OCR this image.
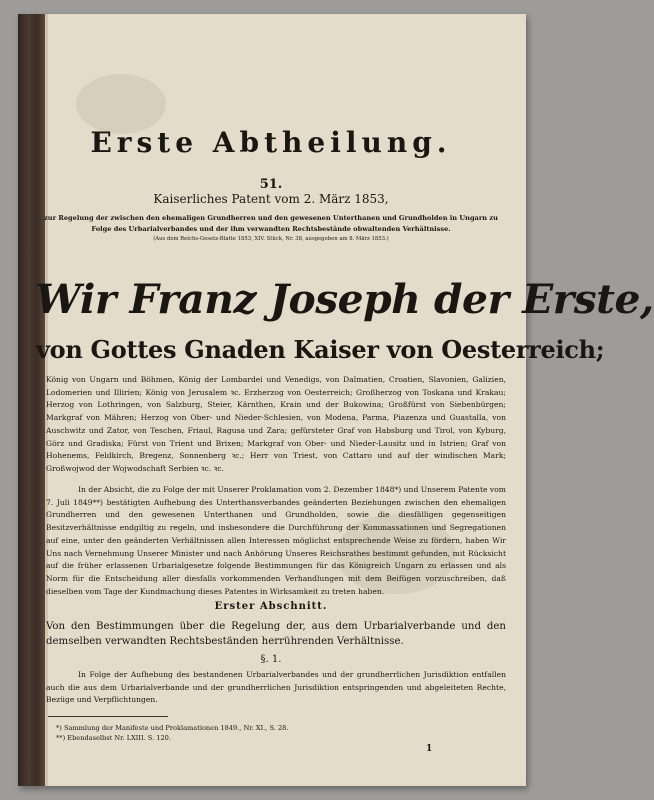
Erste Abtheilung.
51.
Kaiserliches Patent vom 2. März 1853,
zur Regelung der zwischen den ehemaligen Grundherren und den gewesenen Unterthanen und Grundholden in Ungarn zu Folge des Urbarialverbandes und der ihm verwandten Rechtsbestände obwaltenden Verhältnisse.
(Aus dem Reichs-Gesetz-Blatte 1853, XIV. Stück, Nr. 38, ausgegeben am 8. März 1853.)
Wir Franz Joseph der Erste,
von Gottes Gnaden Kaiser von Oesterreich;
König von Ungarn und Böhmen, König der Lombardei und Venedigs, von Dalmatien, Croatien, Slavonien, Galizien, Lodomerien und Illirien; König von Jerusalem ꝛc. Erzherzog von Oesterreich; Großherzog von Toskana und Krakau; Herzog von Lothringen, von Salzburg, Steier, Kärnthen, Krain und der Bukowina; Großfürst von Siebenbürgen; Markgraf von Mähren; Herzog von Ober- und Nieder-Schlesien, von Modena, Parma, Piazenza und Guastalla, von Auschwitz und Zator, von Teschen, Friaul, Ragusa und Zara; gefürsteter Graf von Habsburg und Tirol, von Kyburg, Görz und Gradiska; Fürst von Trient und Brixen; Markgraf von Ober- und Nieder-Lausitz und in Istrien; Graf von Hohenems, Feldkirch, Bregenz, Sonnenberg ꝛc.; Herr von Triest, von Cattaro und auf der windischen Mark; Großwojwod der Wojwodschaft Serbien ꝛc. ꝛc.
In der Absicht, die zu Folge der mit Unserer Proklamation vom 2. Dezember 1848*) und Unserem Patente vom 7. Juli 1849**) bestätigten Aufhebung des Unterthansverbandes geänderten Beziehungen zwischen den ehemaligen Grundherren und den gewesenen Unterthanen und Grundholden, sowie die diesfälligen gegenseitigen Besitzverhältnisse endgiltig zu regeln, und insbesondere die Durchführung der Kommassationen und Segregationen auf eine, unter den geänderten Verhältnissen allen Interessen möglichst entsprechende Weise zu fördern, haben Wir Uns nach Vernehmung Unserer Minister und nach Anhörung Unseres Reichsrathes bestimmt gefunden, mit Rücksicht auf die früher erlassenen Urbarialgesetze folgende Bestimmungen für das Königreich Ungarn zu erlassen und als Norm für die Entscheidung aller diesfalls vorkommenden Verhandlungen mit dem Beifügen vorzuschreiben, daß dieselben vom Tage der Kundmachung dieses Patentes in Wirksamkeit zu treten haben.
Erster Abschnitt.
Von den Bestimmungen über die Regelung der, aus dem Urbarialverbande und den demselben verwandten Rechtsbeständen herrührenden Verhältnisse.
§. 1.
In Folge der Aufhebung des bestandenen Urbarialverbandes und der grundherrlichen Jurisdiktion entfallen auch die aus dem Urbarialverbande und der grundherrlichen Jurisdiktion entspringenden und abgeleiteten Rechte, Bezüge und Verpflichtungen.
*) Sammlung der Manifeste und Proklamationen 1849., Nr. XI., S. 28.
**) Ebendaselbst Nr. LXIII. S. 120.
1
